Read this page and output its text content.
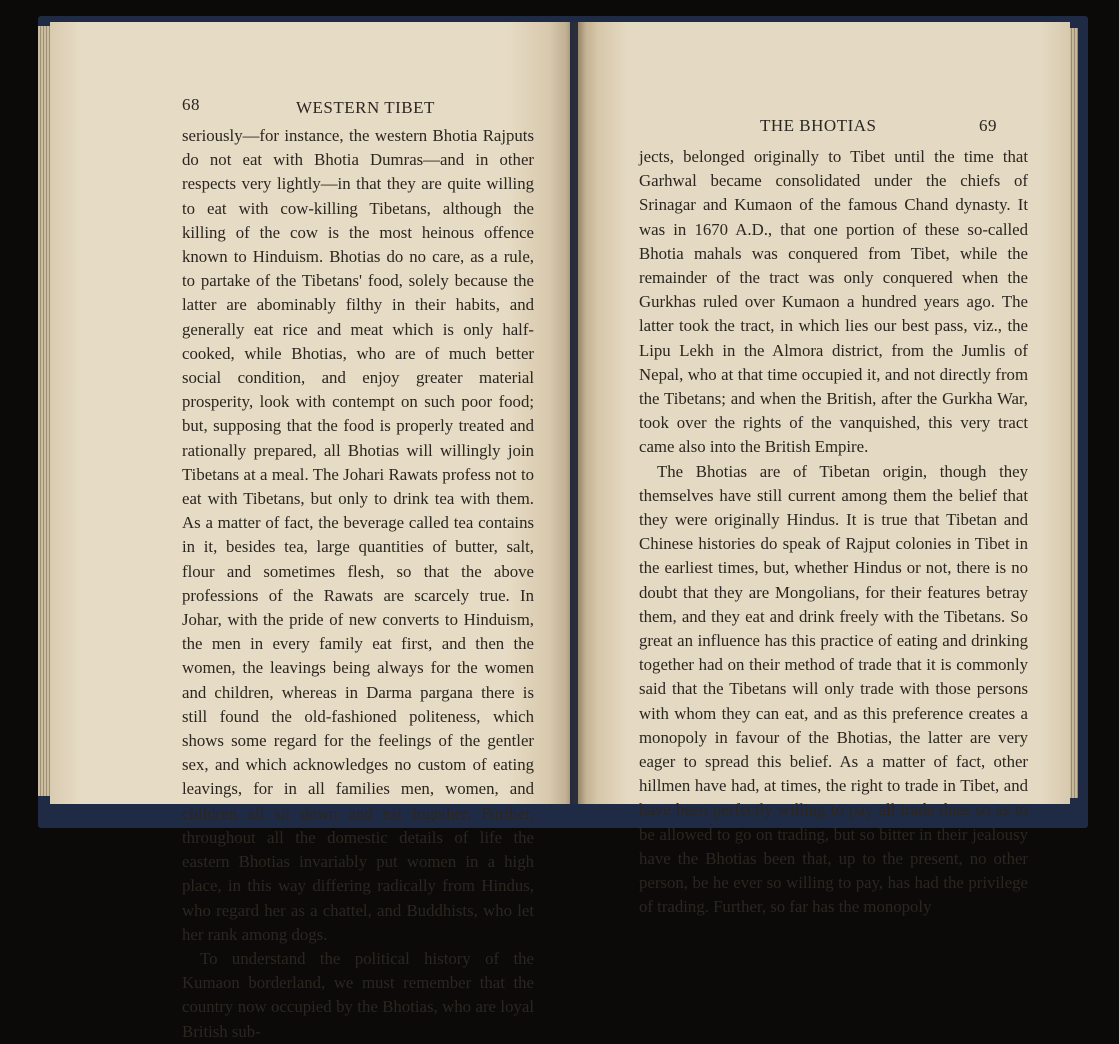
68	WESTERN TIBET

seriously—for instance, the western Bhotia Rajputs do not eat with Bhotia Dumras—and in other respects very lightly—in that they are quite willing to eat with cow-killing Tibetans, although the killing of the cow is the most heinous offence known to Hinduism. Bhotias do no care, as a rule, to partake of the Tibetans' food, solely because the latter are abominably filthy in their habits, and generally eat rice and meat which is only half-cooked, while Bhotias, who are of much better social condition, and enjoy greater material prosperity, look with contempt on such poor food; but, supposing that the food is properly treated and rationally prepared, all Bhotias will willingly join Tibetans at a meal. The Johari Rawats profess not to eat with Tibetans, but only to drink tea with them. As a matter of fact, the beverage called tea contains in it, besides tea, large quantities of butter, salt, flour and sometimes flesh, so that the above professions of the Rawats are scarcely true. In Johar, with the pride of new converts to Hinduism, the men in every family eat first, and then the women, the leavings being always for the women and children, whereas in Darma pargana there is still found the old-fashioned politeness, which shows some regard for the feelings of the gentler sex, and which acknowledges no custom of eating leavings, for in all families men, women, and children all sit down and eat together. Further, throughout all the domestic details of life the eastern Bhotias invariably put women in a high place, in this way differing radically from Hindus, who regard her as a chattel, and Buddhists, who let her rank among dogs.

To understand the political history of the Kumaon borderland, we must remember that the country now occupied by the Bhotias, who are loyal British sub-

THE BHOTIAS	69

jects, belonged originally to Tibet until the time that Garhwal became consolidated under the chiefs of Srinagar and Kumaon of the famous Chand dynasty. It was in 1670 A.D., that one portion of these so-called Bhotia mahals was conquered from Tibet, while the remainder of the tract was only conquered when the Gurkhas ruled over Kumaon a hundred years ago. The latter took the tract, in which lies our best pass, viz., the Lipu Lekh in the Almora district, from the Jumlis of Nepal, who at that time occupied it, and not directly from the Tibetans; and when the British, after the Gurkha War, took over the rights of the vanquished, this very tract came also into the British Empire.

The Bhotias are of Tibetan origin, though they themselves have still current among them the belief that they were originally Hindus. It is true that Tibetan and Chinese histories do speak of Rajput colonies in Tibet in the earliest times, but, whether Hindus or not, there is no doubt that they are Mongolians, for their features betray them, and they eat and drink freely with the Tibetans. So great an influence has this practice of eating and drinking together had on their method of trade that it is commonly said that the Tibetans will only trade with those persons with whom they can eat, and as this preference creates a monopoly in favour of the Bhotias, the latter are very eager to spread this belief. As a matter of fact, other hillmen have had, at times, the right to trade in Tibet, and have been perfectly willing to pay all trade dues so as to be allowed to go on trading, but so bitter in their jealousy have the Bhotias been that, up to the present, no other person, be he ever so willing to pay, has had the privilege of trading. Further, so far has the monopoly
